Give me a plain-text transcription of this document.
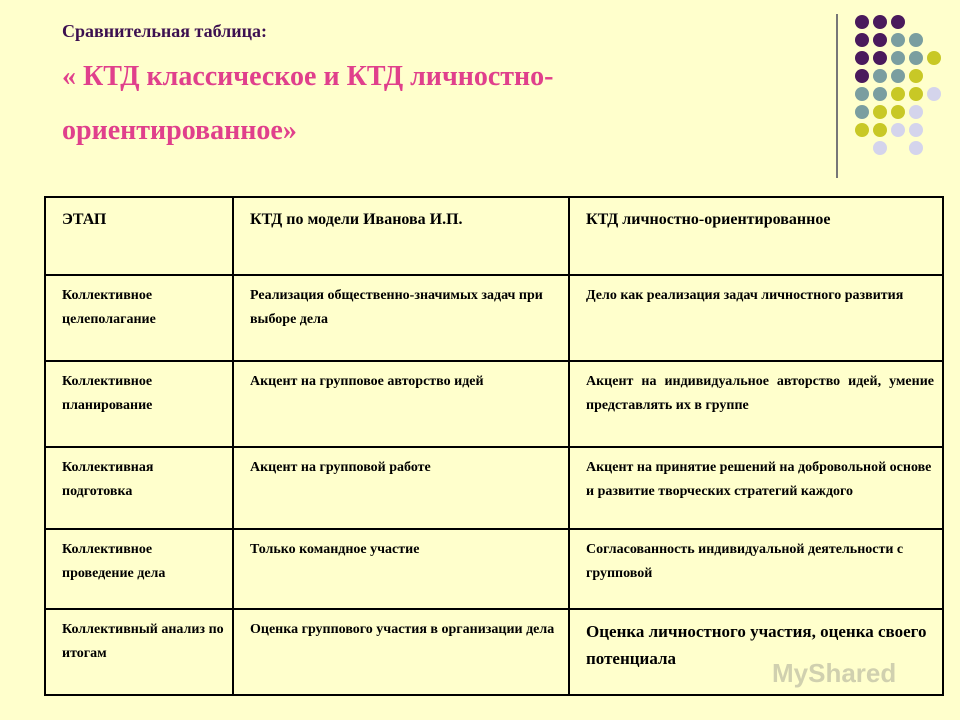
Сравнительная таблица:
« КТД классическое и КТД личностно-ориентированное»
ЭТАП	КТД по модели Иванова И.П.	КТД личностно-ориентированное
Коллективное целеполагание	Реализация общественно-значимых задач при выборе дела	Дело как реализация задач личностного развития
Коллективное планирование	Акцент на групповое авторство идей	Акцент на индивидуальное авторство идей, умение представлять их в группе
Коллективная подготовка	Акцент на групповой работе	Акцент на принятие решений на добровольной основе и развитие творческих стратегий каждого
Коллективное проведение дела	Только командное участие	Согласованность индивидуальной деятельности с групповой
Коллективный анализ по итогам	Оценка группового участия в организации дела	Оценка личностного участия, оценка своего потенциала	MyShared
